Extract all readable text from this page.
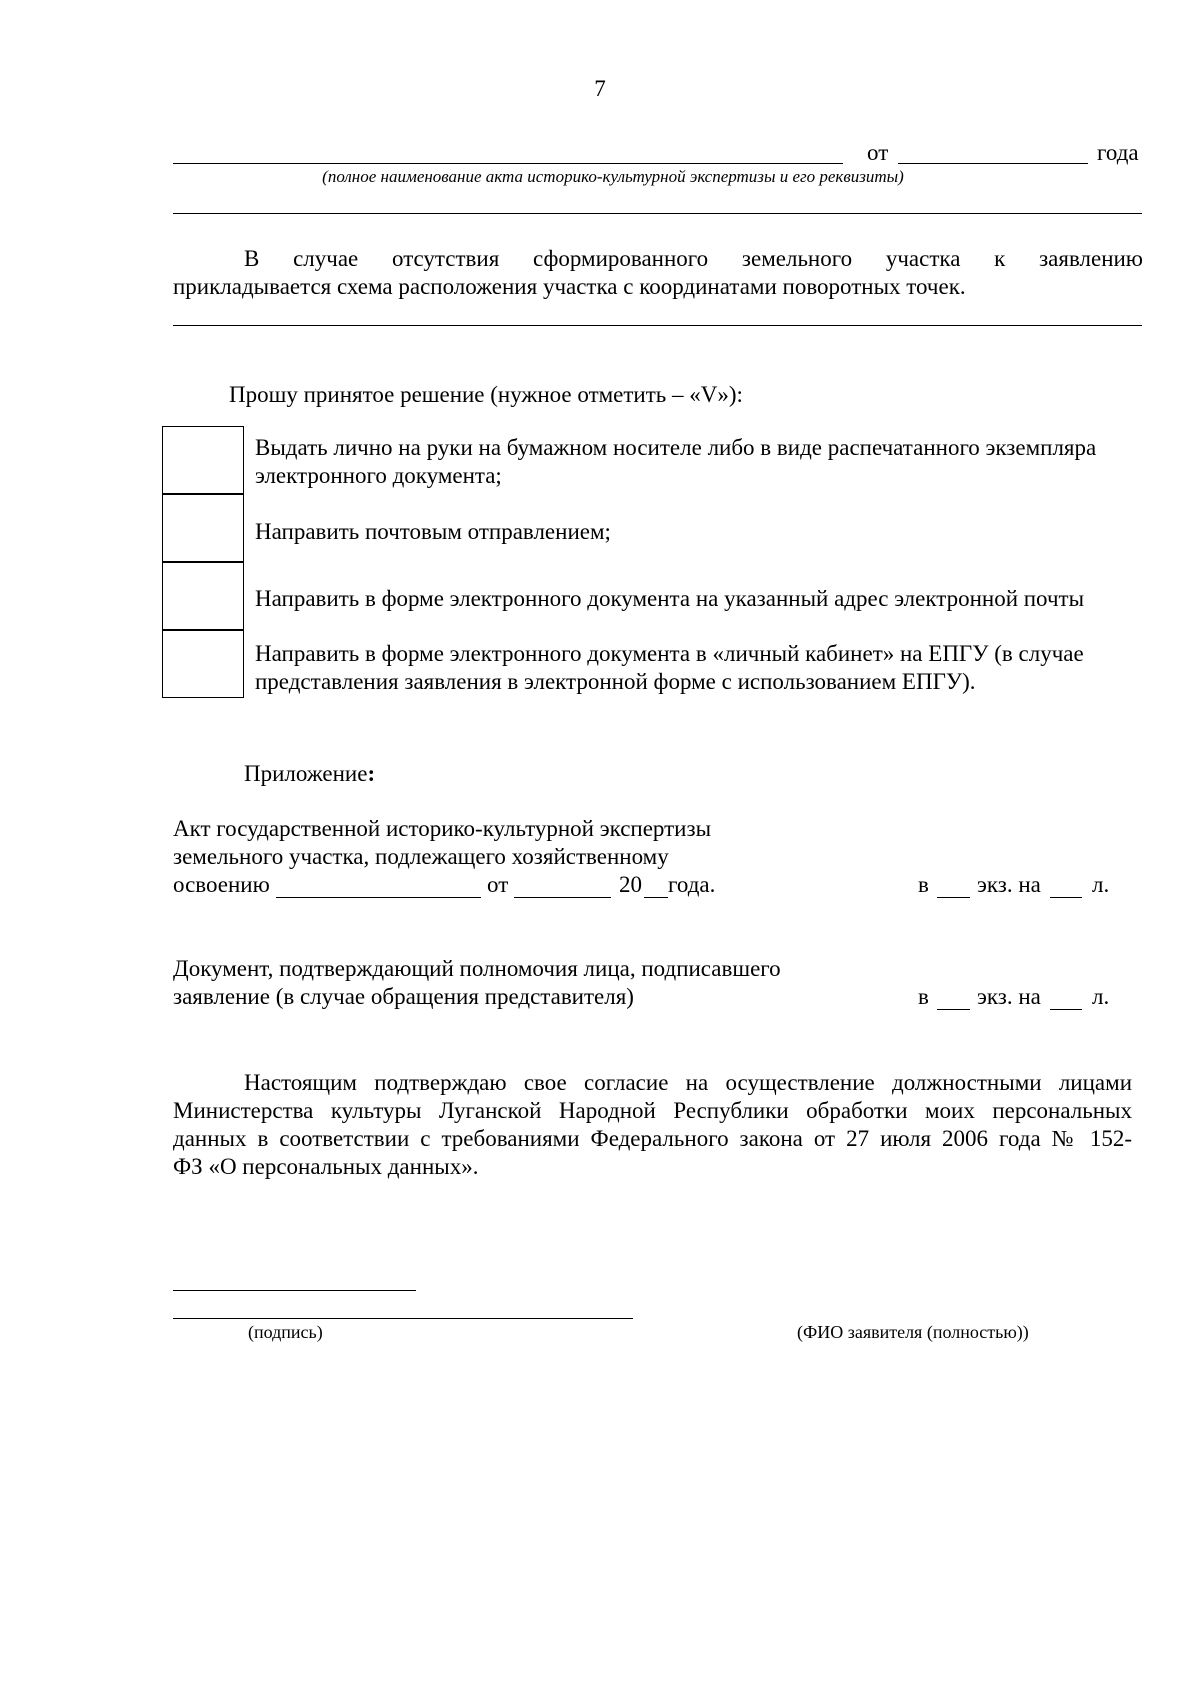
7
от	года
(полное наименование акта историко-культурной экспертизы и его реквизиты)
В случае отсутствия сформированного земельного участка к заявлению
прикладывается схема расположения участка с координатами поворотных точек.
Прошу принятое решение (нужное отметить – «V»):
Выдать лично на руки на бумажном носителе либо в виде распечатанного экземпляра
электронного документа;
Направить почтовым отправлением;
Направить в форме электронного документа на указанный адрес электронной почты
Направить в форме электронного документа в «личный кабинет» на ЕПГУ (в случае
представления заявления в электронной форме с использованием ЕПГУ).
Приложение:
Акт государственной историко-культурной экспертизы
земельного участка, подлежащего хозяйственному
освоению	от	20 года.	в экз. на л.
Документ, подтверждающий полномочия лица, подписавшего
заявление (в случае обращения представителя)	в экз. на л.
Настоящим подтверждаю свое согласие на осуществление должностными лицами
Министерства культуры Луганской Народной Республики обработки моих персональных
данных в соответствии с требованиями Федерального закона от 27 июля 2006 года № 152-
ФЗ «О персональных данных».
(подпись)	(ФИО заявителя (полностью))
